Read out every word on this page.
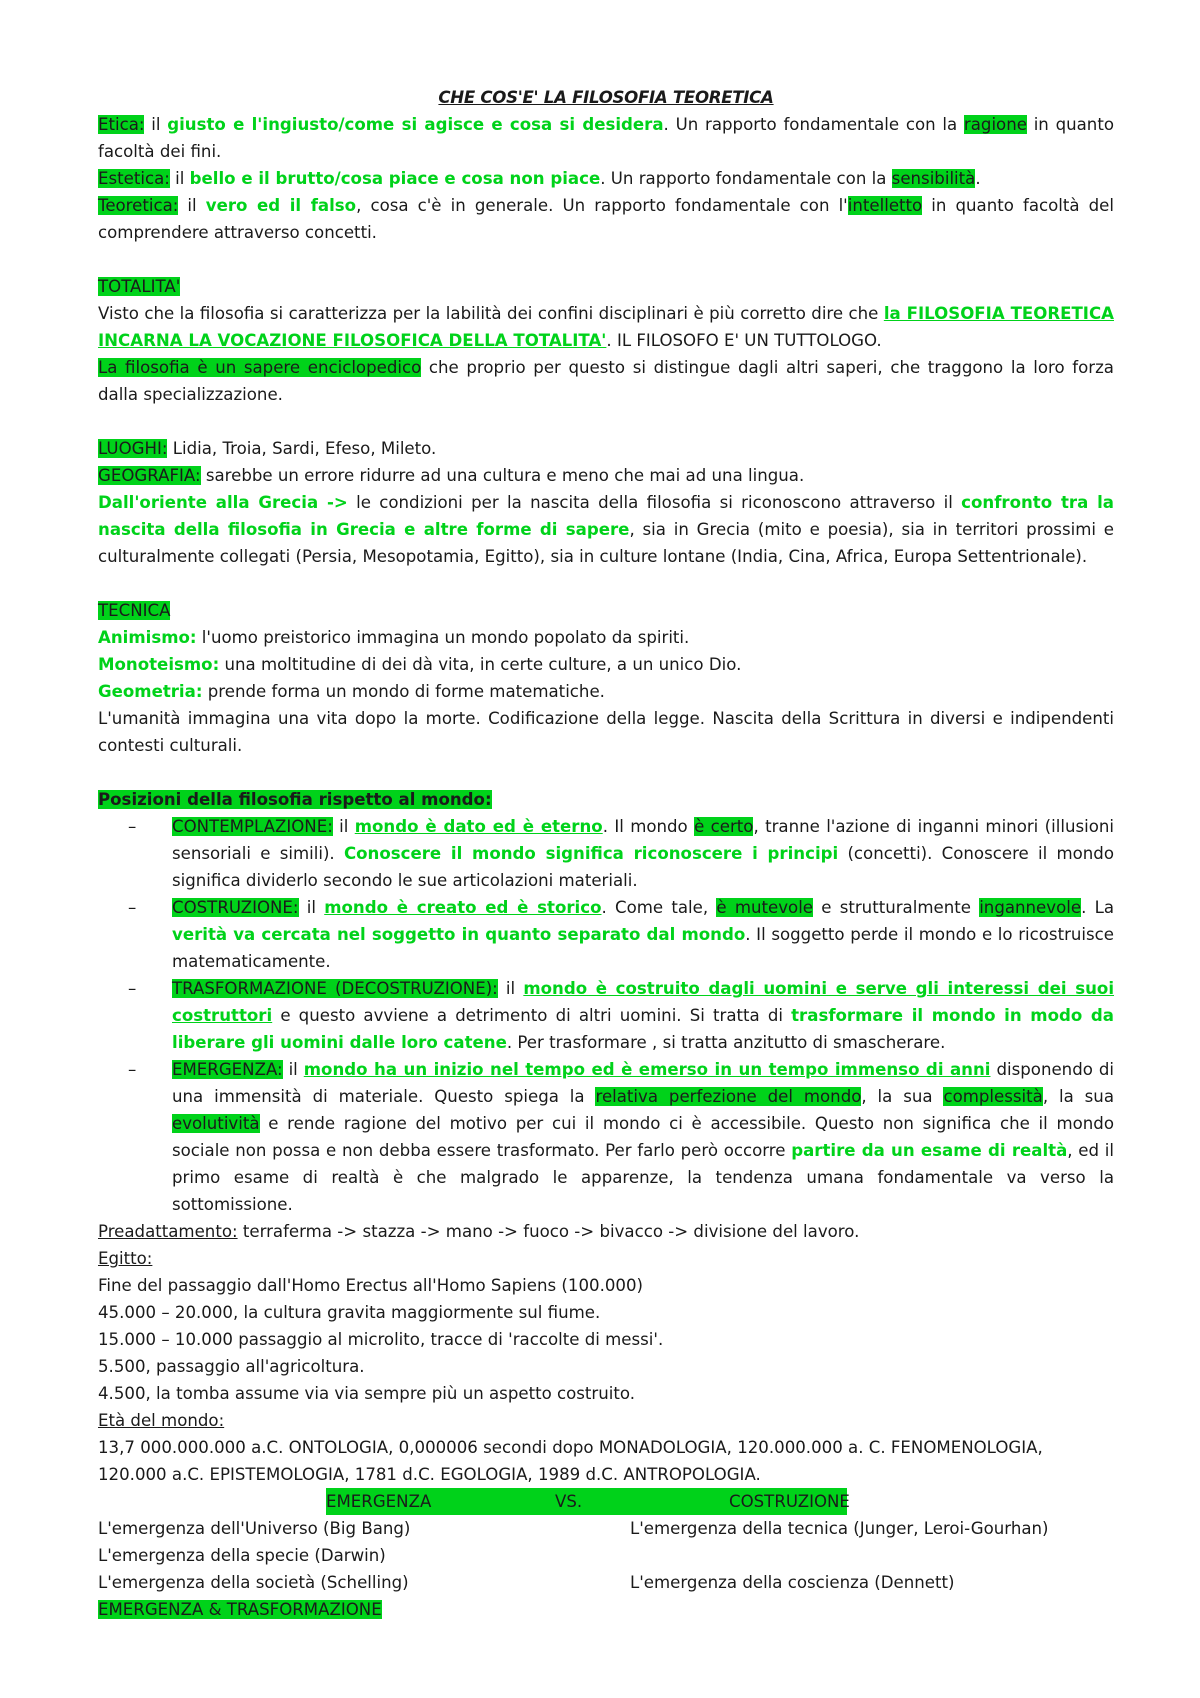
CHE COS'E' LA FILOSOFIA TEORETICA
Etica: il giusto e l'ingiusto/come si agisce e cosa si desidera. Un rapporto fondamentale con la ragione in quanto facoltà dei fini.
Estetica: il bello e il brutto/cosa piace e cosa non piace. Un rapporto fondamentale con la sensibilità.
Teoretica: il vero ed il falso, cosa c'è in generale. Un rapporto fondamentale con l'intelletto in quanto facoltà del comprendere attraverso concetti.
TOTALITA'
Visto che la filosofia si caratterizza per la labilità dei confini disciplinari è più corretto dire che la FILOSOFIA TEORETICA INCARNA LA VOCAZIONE FILOSOFICA DELLA TOTALITA'. IL FILOSOFO E' UN TUTTOLOGO.
La filosofia è un sapere enciclopedico che proprio per questo si distingue dagli altri saperi, che traggono la loro forza dalla specializzazione.
LUOGHI: Lidia, Troia, Sardi, Efeso, Mileto.
GEOGRAFIA: sarebbe un errore ridurre ad una cultura e meno che mai ad una lingua.
Dall'oriente alla Grecia -> le condizioni per la nascita della filosofia si riconoscono attraverso il confronto tra la nascita della filosofia in Grecia e altre forme di sapere, sia in Grecia (mito e poesia), sia in territori prossimi e culturalmente collegati (Persia, Mesopotamia, Egitto), sia in culture lontane (India, Cina, Africa, Europa Settentrionale).
TECNICA
Animismo: l'uomo preistorico immagina un mondo popolato da spiriti.
Monoteismo: una moltitudine di dei dà vita, in certe culture, a un unico Dio.
Geometria: prende forma un mondo di forme matematiche.
L'umanità immagina una vita dopo la morte. Codificazione della legge. Nascita della Scrittura in diversi e indipendenti contesti culturali.
Posizioni della filosofia rispetto al mondo:
– CONTEMPLAZIONE: il mondo è dato ed è eterno. Il mondo è certo, tranne l'azione di inganni minori (illusioni sensoriali e simili). Conoscere il mondo significa riconoscere i principi (concetti). Conoscere il mondo significa dividerlo secondo le sue articolazioni materiali.
– COSTRUZIONE: il mondo è creato ed è storico. Come tale, è mutevole e strutturalmente ingannevole. La verità va cercata nel soggetto in quanto separato dal mondo. Il soggetto perde il mondo e lo ricostruisce matematicamente.
– TRASFORMAZIONE (DECOSTRUZIONE): il mondo è costruito dagli uomini e serve gli interessi dei suoi costruttori e questo avviene a detrimento di altri uomini. Si tratta di trasformare il mondo in modo da liberare gli uomini dalle loro catene. Per trasformare , si tratta anzitutto di smascherare.
– EMERGENZA: il mondo ha un inizio nel tempo ed è emerso in un tempo immenso di anni disponendo di una immensità di materiale. Questo spiega la relativa perfezione del mondo, la sua complessità, la sua evolutività e rende ragione del motivo per cui il mondo ci è accessibile. Questo non significa che il mondo sociale non possa e non debba essere trasformato. Per farlo però occorre partire da un esame di realtà, ed il primo esame di realtà è che malgrado le apparenze, la tendenza umana fondamentale va verso la sottomissione.
Preadattamento: terraferma -> stazza -> mano -> fuoco -> bivacco -> divisione del lavoro.
Egitto:
Fine del passaggio dall'Homo Erectus all'Homo Sapiens (100.000)
45.000 – 20.000, la cultura gravita maggiormente sul fiume.
15.000 – 10.000 passaggio al microlito, tracce di 'raccolte di messi'.
5.500, passaggio all'agricoltura.
4.500, la tomba assume via via sempre più un aspetto costruito.
Età del mondo:
13,7 000.000.000 a.C. ONTOLOGIA, 0,000006 secondi dopo MONADOLOGIA, 120.000.000 a. C. FENOMENOLOGIA, 120.000 a.C. EPISTEMOLOGIA, 1781 d.C. EGOLOGIA, 1989 d.C. ANTROPOLOGIA.
EMERGENZA	VS.	COSTRUZIONE
L'emergenza dell'Universo (Big Bang)	L'emergenza della tecnica (Junger, Leroi-Gourhan)
L'emergenza della specie (Darwin)
L'emergenza della società (Schelling)	L'emergenza della coscienza (Dennett)
EMERGENZA & TRASFORMAZIONE
